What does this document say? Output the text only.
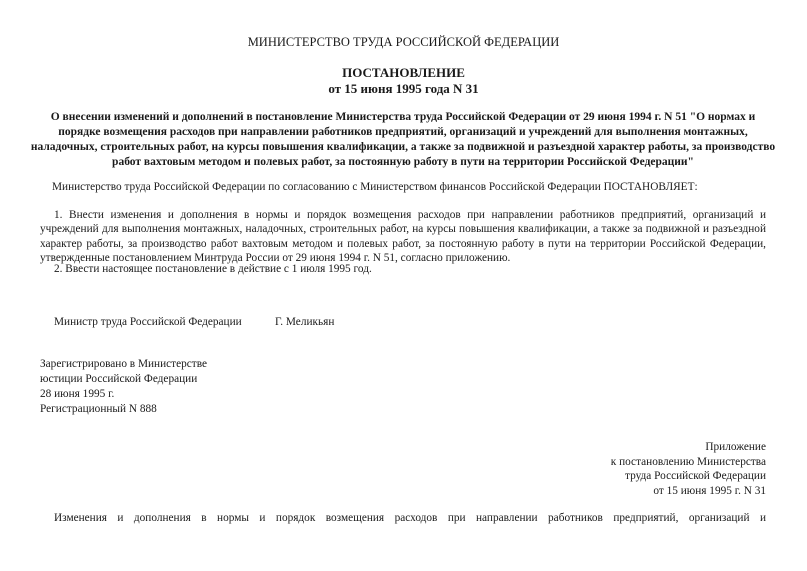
МИНИСТЕРСТВО ТРУДА РОССИЙСКОЙ ФЕДЕРАЦИИ

ПОСТАНОВЛЕНИЕ

от 15 июня 1995 года N 31

О внесении изменений и дополнений в постановление Министерства труда Российской Федерации от 29 июня 1994 г. N 51 "О нормах и порядке возмещения расходов при направлении работников предприятий, организаций и учреждений для выполнения монтажных, наладочных, строительных работ, на курсы повышения квалификации, а также за подвижной и разъездной характер работы, за производство работ вахтовым методом и полевых работ, за постоянную работу в пути на территории Российской Федерации"

Министерство труда Российской Федерации по согласованию с Министерством финансов Российской Федерации ПОСТАНОВЛЯЕТ:

1. Внести изменения и дополнения в нормы и порядок возмещения расходов при направлении работников предприятий, организаций и учреждений для выполнения монтажных, наладочных, строительных работ, на курсы повышения квалификации, а также за подвижной и разъездной характер работы, за производство работ вахтовым методом и полевых работ, за постоянную работу в пути на территории Российской Федерации, утвержденные постановлением Минтруда России от 29 июня 1994 г. N 51, согласно приложению.

2. Ввести настоящее постановление в действие с 1 июля 1995 год.

Министр труда Российской Федерации	Г. Меликьян

Зарегистрировано в Министерстве
юстиции Российской Федерации
28 июня 1995 г.
Регистрационный N 888
Приложение
к постановлению Министерства
труда Российской Федерации
от 15 июня 1995 г. N 31

Изменения и дополнения в нормы и порядок возмещения расходов при направлении работников предприятий, организаций и
